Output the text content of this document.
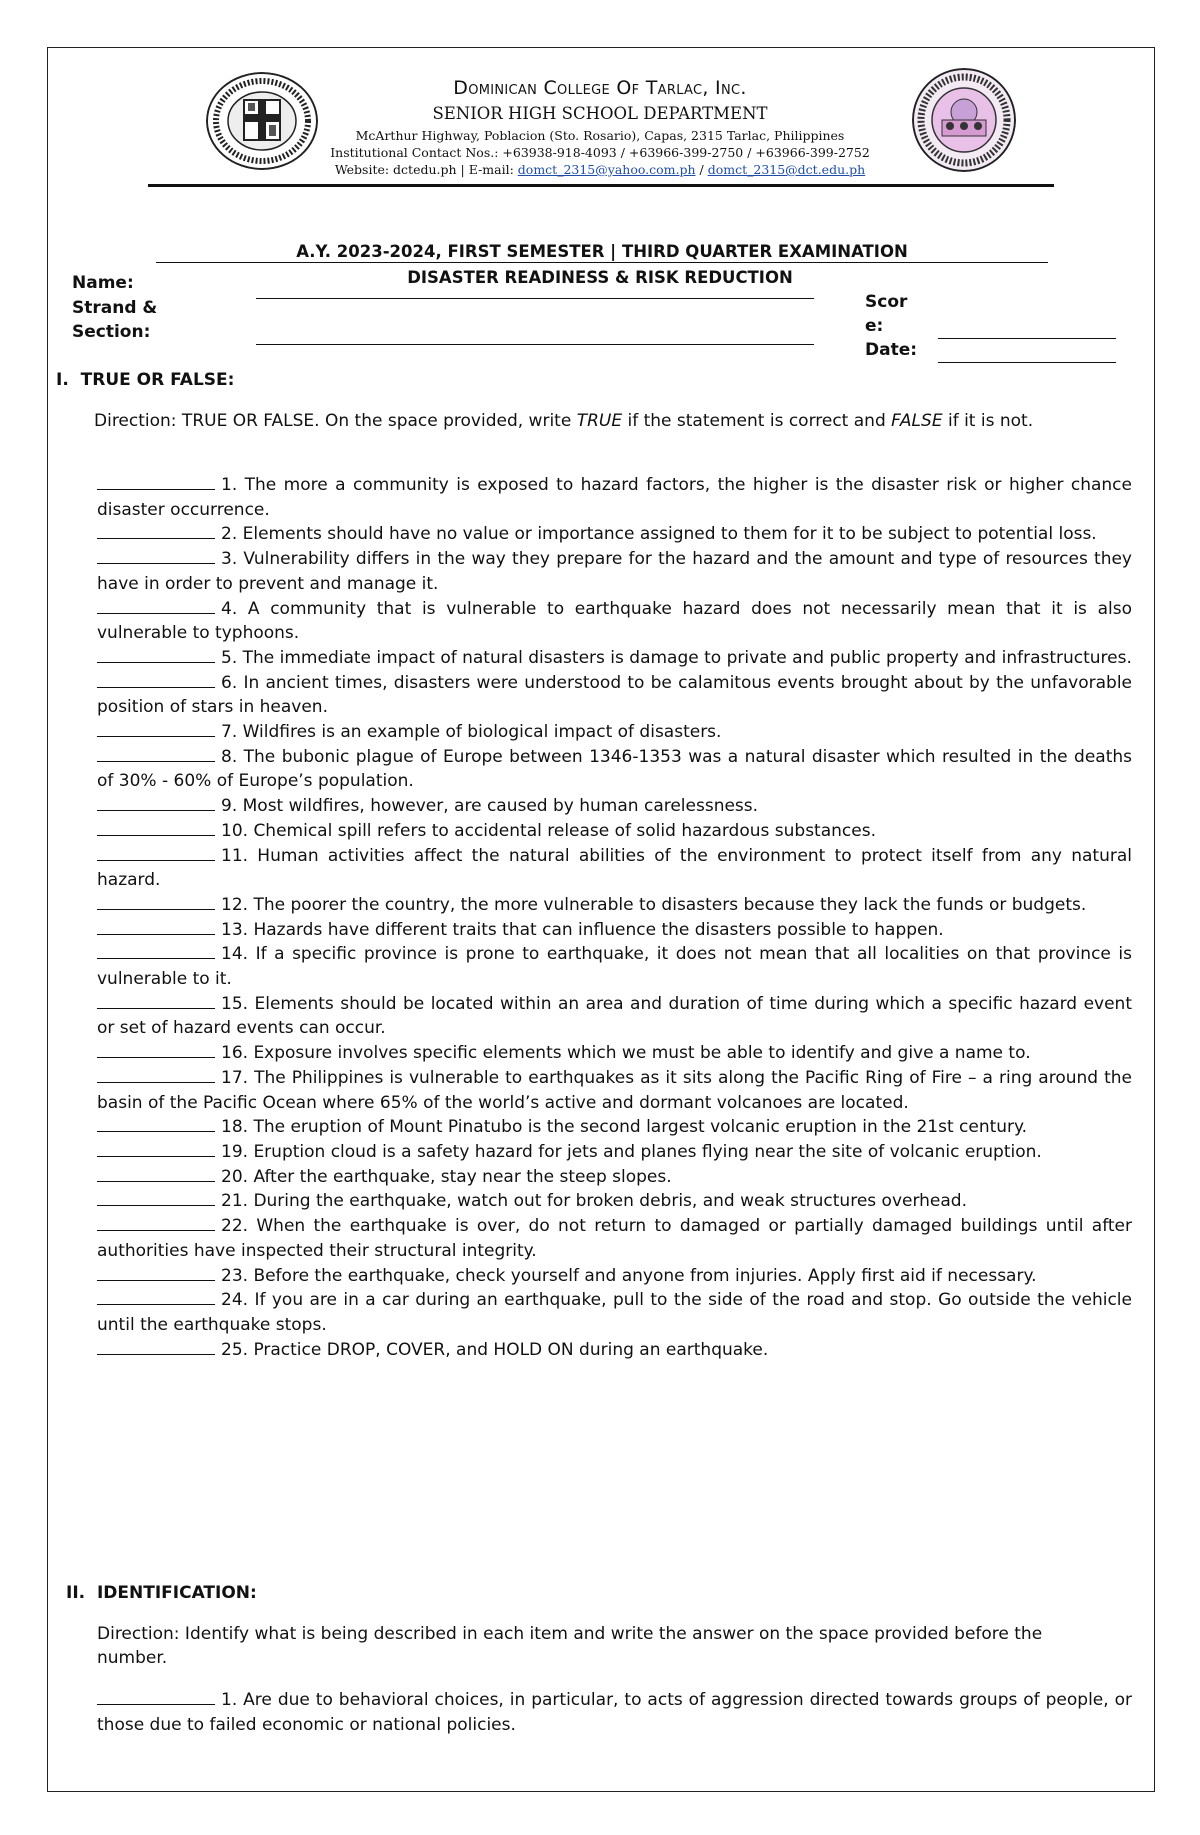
Dominican College Of Tarlac, Inc.
SENIOR HIGH SCHOOL DEPARTMENT
McArthur Highway, Poblacion (Sto. Rosario), Capas, 2315 Tarlac, Philippines
Institutional Contact Nos.: +63938-918-4093 / +63966-399-2750 / +63966-399-2752
Website: dctedu.ph | E-mail: domct_2315@yahoo.com.ph / domct_2315@dct.edu.ph
A.Y. 2023-2024, FIRST SEMESTER | THIRD QUARTER EXAMINATION
DISASTER READINESS & RISK REDUCTION
Name:
Strand &
Section:
Scor
e:
Date:
I. TRUE OR FALSE:
Direction: TRUE OR FALSE. On the space provided, write TRUE if the statement is correct and FALSE if it is not.
1. The more a community is exposed to hazard factors, the higher is the disaster risk or higher chance disaster occurrence.
2. Elements should have no value or importance assigned to them for it to be subject to potential loss.
3. Vulnerability differs in the way they prepare for the hazard and the amount and type of resources they have in order to prevent and manage it.
4. A community that is vulnerable to earthquake hazard does not necessarily mean that it is also vulnerable to typhoons.
5. The immediate impact of natural disasters is damage to private and public property and infrastructures.
6. In ancient times, disasters were understood to be calamitous events brought about by the unfavorable position of stars in heaven.
7. Wildfires is an example of biological impact of disasters.
8. The bubonic plague of Europe between 1346-1353 was a natural disaster which resulted in the deaths of 30% - 60% of Europe’s population.
9. Most wildfires, however, are caused by human carelessness.
10. Chemical spill refers to accidental release of solid hazardous substances.
11. Human activities affect the natural abilities of the environment to protect itself from any natural hazard.
12. The poorer the country, the more vulnerable to disasters because they lack the funds or budgets.
13. Hazards have different traits that can influence the disasters possible to happen.
14. If a specific province is prone to earthquake, it does not mean that all localities on that province is vulnerable to it.
15. Elements should be located within an area and duration of time during which a specific hazard event or set of hazard events can occur.
16. Exposure involves specific elements which we must be able to identify and give a name to.
17. The Philippines is vulnerable to earthquakes as it sits along the Pacific Ring of Fire – a ring around the basin of the Pacific Ocean where 65% of the world’s active and dormant volcanoes are located.
18. The eruption of Mount Pinatubo is the second largest volcanic eruption in the 21st century.
19. Eruption cloud is a safety hazard for jets and planes flying near the site of volcanic eruption.
20. After the earthquake, stay near the steep slopes.
21. During the earthquake, watch out for broken debris, and weak structures overhead.
22. When the earthquake is over, do not return to damaged or partially damaged buildings until after authorities have inspected their structural integrity.
23. Before the earthquake, check yourself and anyone from injuries. Apply first aid if necessary.
24. If you are in a car during an earthquake, pull to the side of the road and stop. Go outside the vehicle until the earthquake stops.
25. Practice DROP, COVER, and HOLD ON during an earthquake.
II. IDENTIFICATION:
Direction: Identify what is being described in each item and write the answer on the space provided before the number.
1. Are due to behavioral choices, in particular, to acts of aggression directed towards groups of people, or those due to failed economic or national policies.
